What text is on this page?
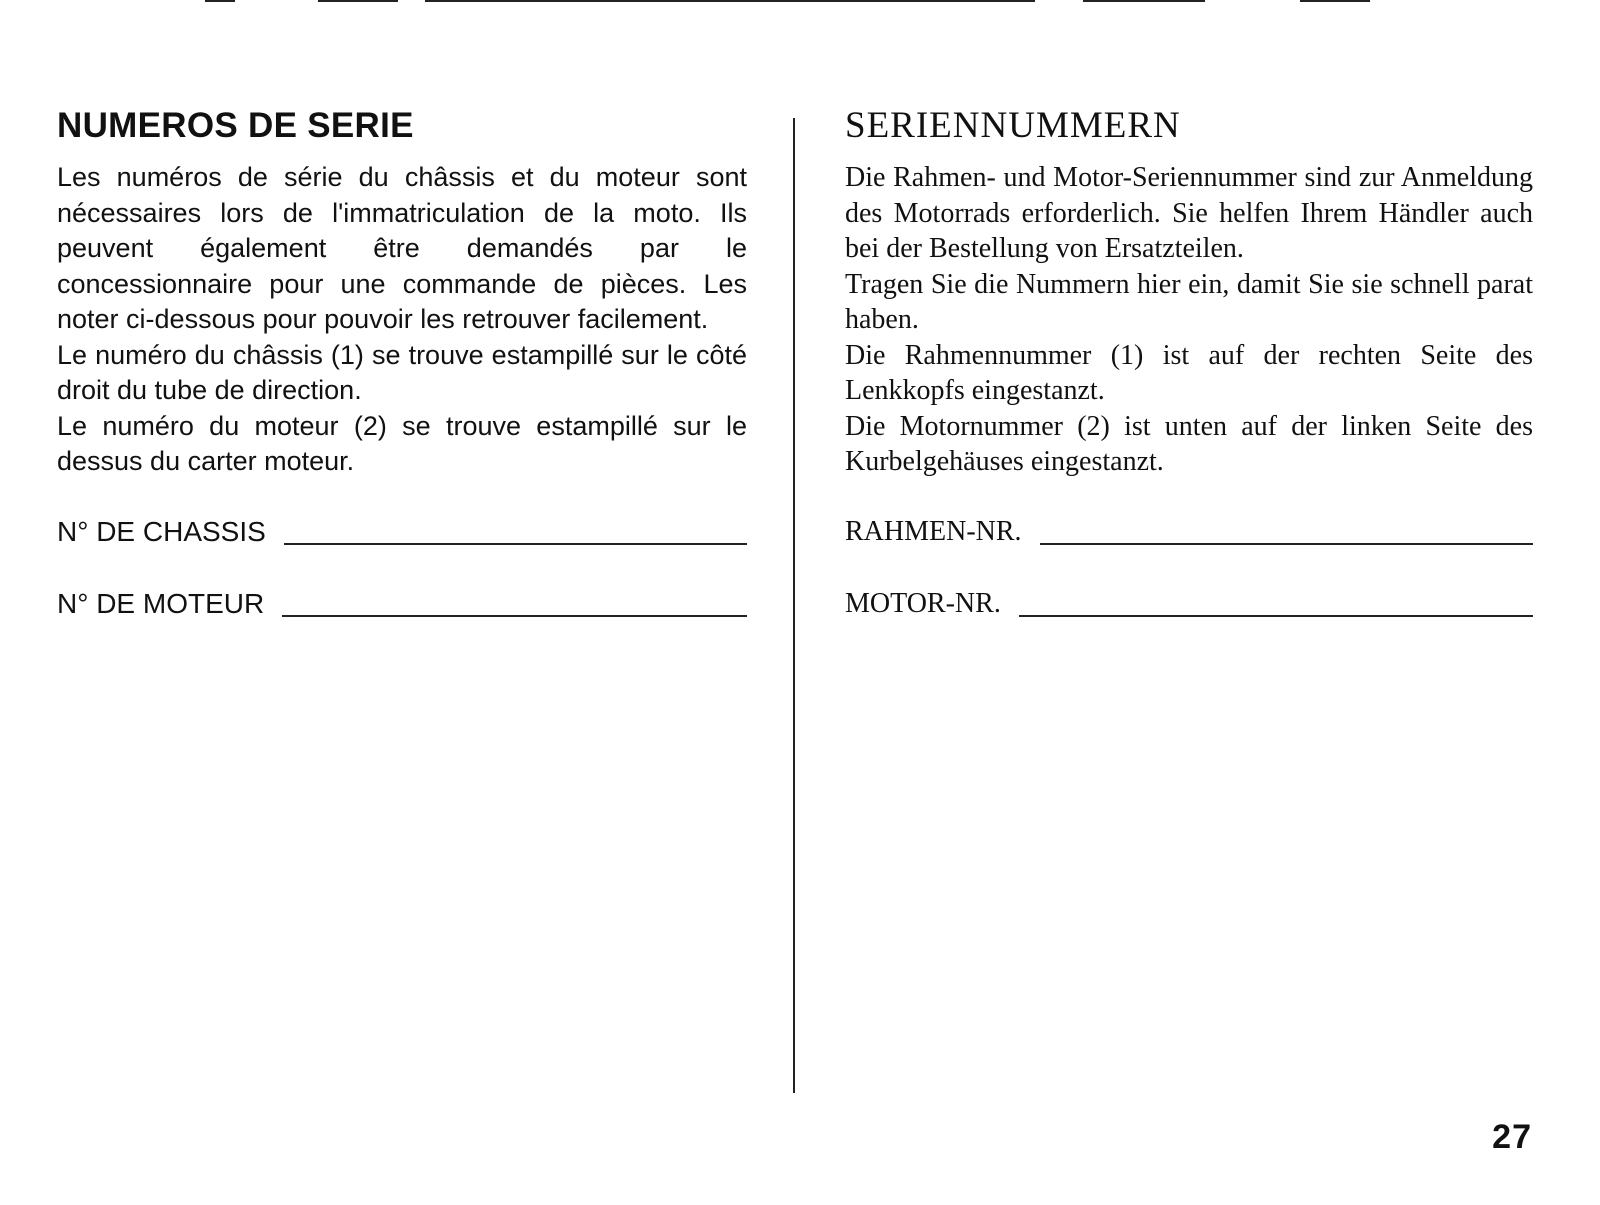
NUMEROS DE SERIE

Les numéros de série du châssis et du moteur sont nécessaires lors de l'immatriculation de la moto. Ils peuvent également être demandés par le concessionnaire pour une commande de pièces. Les noter ci-dessous pour pouvoir les retrouver facilement.

Le numéro du châssis (1) se trouve estampillé sur le côté droit du tube de direction.

Le numéro du moteur (2) se trouve estampillé sur le dessus du carter moteur.

N° DE CHASSIS
N° DE MOTEUR
SERIENNUMMERN

Die Rahmen- und Motor-Seriennummer sind zur Anmeldung des Motorrads erforderlich. Sie helfen Ihrem Händler auch bei der Bestellung von Ersatzteilen.

Tragen Sie die Nummern hier ein, damit Sie sie schnell parat haben.

Die Rahmennummer (1) ist auf der rechten Seite des Lenkkopfs eingestanzt.

Die Motornummer (2) ist unten auf der linken Seite des Kurbelgehäuses eingestanzt.

RAHMEN-NR.
MOTOR-NR.
27
